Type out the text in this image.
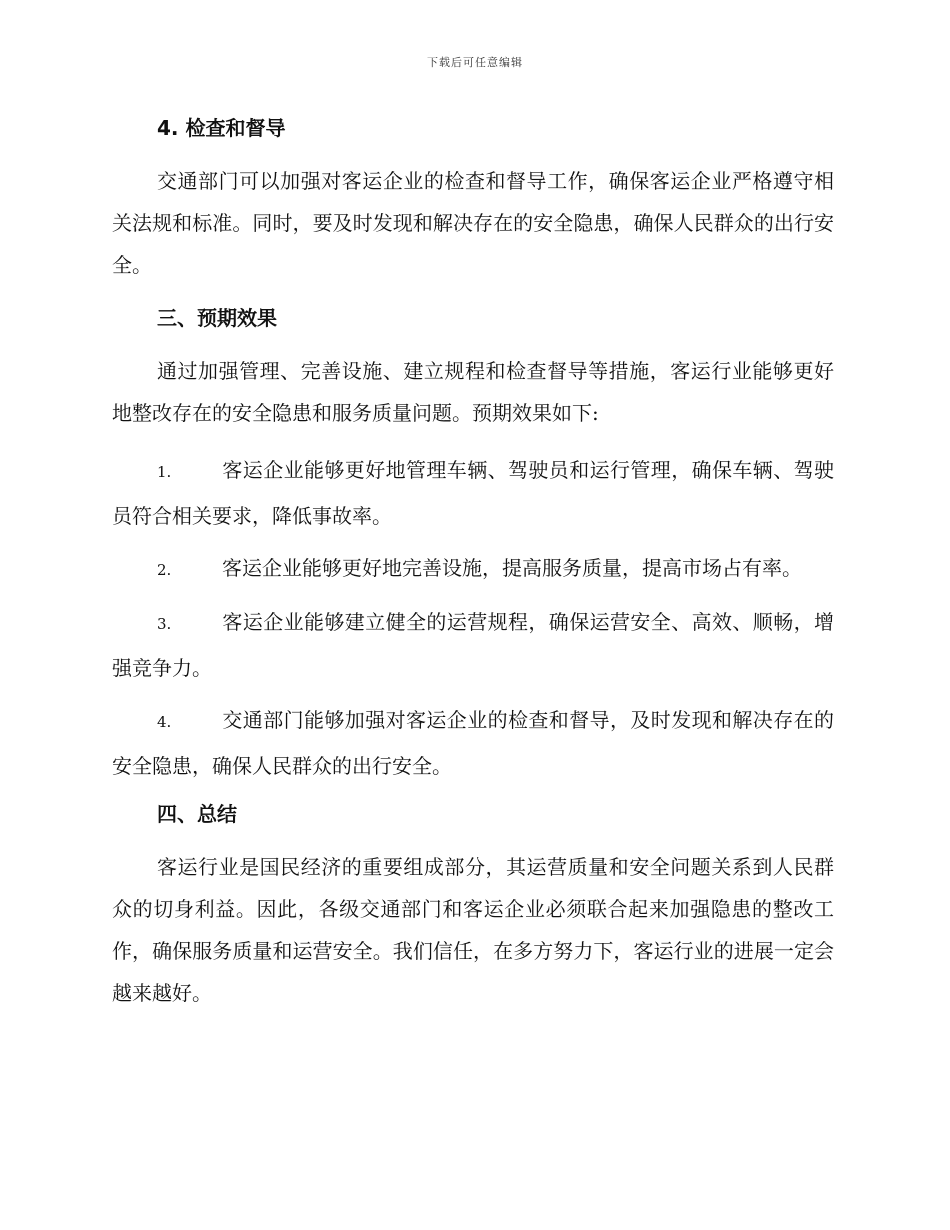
下载后可任意编辑
4. 检查和督导

交通部门可以加强对客运企业的检查和督导工作，确保客运企业严格遵守相关法规和标准。同时，要及时发现和解决存在的安全隐患，确保人民群众的出行安全。

三、预期效果

通过加强管理、完善设施、建立规程和检查督导等措施，客运行业能够更好地整改存在的安全隐患和服务质量问题。预期效果如下:

1.	客运企业能够更好地管理车辆、驾驶员和运行管理，确保车辆、驾驶员符合相关要求，降低事故率。

2.	客运企业能够更好地完善设施，提高服务质量，提高市场占有率。

3.	客运企业能够建立健全的运营规程，确保运营安全、高效、顺畅，增强竞争力。

4.	交通部门能够加强对客运企业的检查和督导，及时发现和解决存在的安全隐患，确保人民群众的出行安全。

四、总结

客运行业是国民经济的重要组成部分，其运营质量和安全问题关系到人民群众的切身利益。因此，各级交通部门和客运企业必须联合起来加强隐患的整改工作，确保服务质量和运营安全。我们信任，在多方努力下，客运行业的进展一定会越来越好。
